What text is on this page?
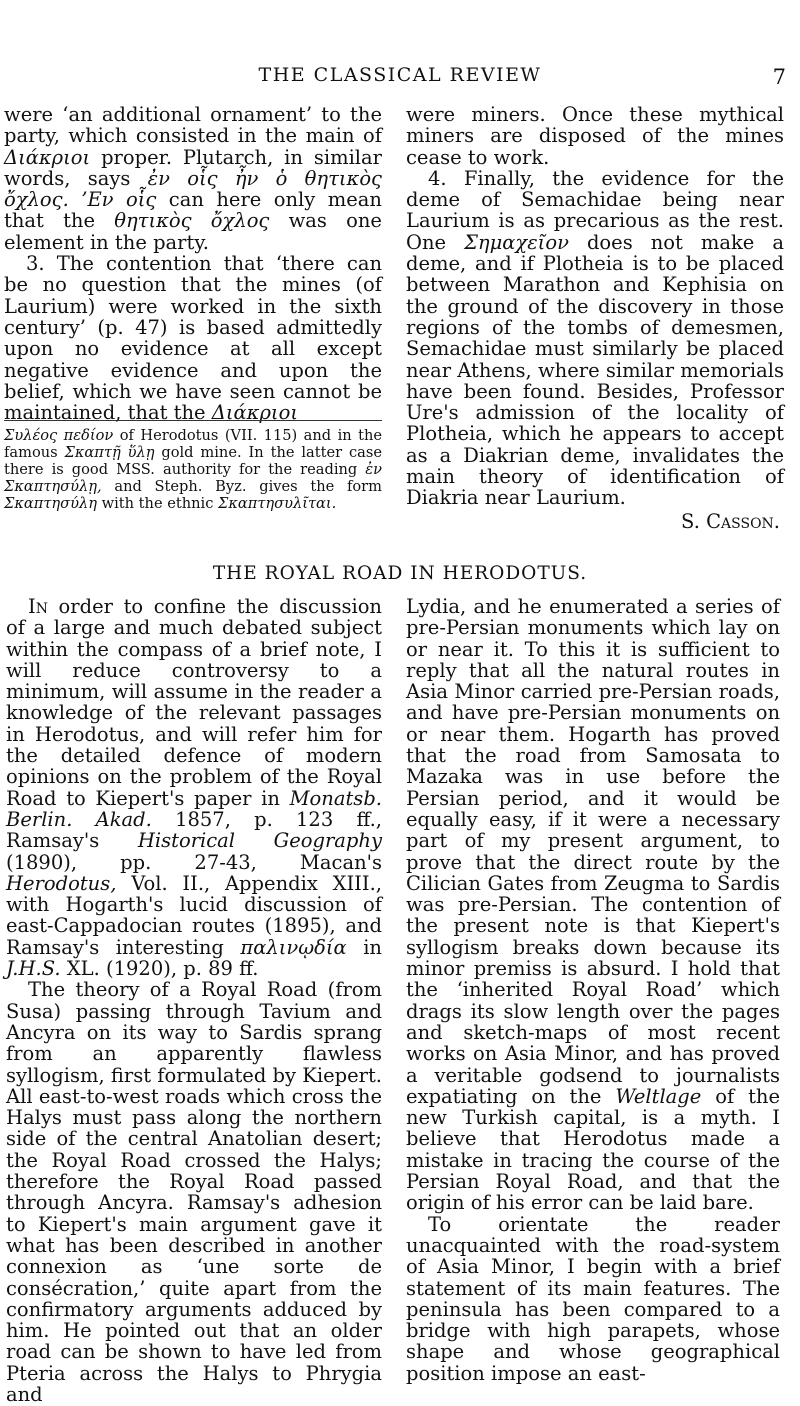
THE CLASSICAL REVIEW	7

were ‘an additional ornament’ to the party, which consisted in the main of Διάκριοι proper. Plutarch, in similar words, says ἐν οἷς ἦν ὁ θητικὸς ὄχλος. ’Εν οἷς can here only mean that the θητικὸς ὄχλος was one element in the party.

3. The contention that ‘there can be no question that the mines (of Laurium) were worked in the sixth century’ (p. 47) is based admittedly upon no evidence at all except negative evidence and upon the belief, which we have seen cannot be maintained, that the Διάκριοι

Συλέος πεδίον of Herodotus (VII. 115) and in the famous Σκαπτῇ ὕλῃ gold mine. In the latter case there is good MSS. authority for the reading ἐν Σκαπτησύλῃ, and Steph. Byz. gives the form Σκαπτησύλη with the ethnic Σκαπτησυλῖται.

were miners. Once these mythical miners are disposed of the mines cease to work.

4. Finally, the evidence for the deme of Semachidae being near Laurium is as precarious as the rest. One Σημαχεῖον does not make a deme, and if Plotheia is to be placed between Marathon and Kephisia on the ground of the discovery in those regions of the tombs of demesmen, Semachidae must similarly be placed near Athens, where similar memorials have been found. Besides, Professor Ure's admission of the locality of Plotheia, which he appears to accept as a Diakrian deme, invalidates the main theory of identification of Diakria near Laurium.

S. Casson.
THE ROYAL ROAD IN HERODOTUS.

In order to confine the discussion of a large and much debated subject within the compass of a brief note, I will reduce controversy to a minimum, will assume in the reader a knowledge of the relevant passages in Herodotus, and will refer him for the detailed defence of modern opinions on the problem of the Royal Road to Kiepert's paper in Monatsb. Berlin. Akad. 1857, p. 123 ff., Ramsay's Historical Geography (1890), pp. 27-43, Macan's Herodotus, Vol. II., Appendix XIII., with Hogarth's lucid discussion of east-Cappadocian routes (1895), and Ramsay's interesting παλινῳδία in J.H.S. XL. (1920), p. 89 ff.

The theory of a Royal Road (from Susa) passing through Tavium and Ancyra on its way to Sardis sprang from an apparently flawless syllogism, first formulated by Kiepert. All east-to-west roads which cross the Halys must pass along the northern side of the central Anatolian desert; the Royal Road crossed the Halys; therefore the Royal Road passed through Ancyra. Ramsay's adhesion to Kiepert's main argument gave it what has been described in another connexion as ‘une sorte de consécration,’ quite apart from the confirmatory arguments adduced by him. He pointed out that an older road can be shown to have led from Pteria across the Halys to Phrygia and

Lydia, and he enumerated a series of pre-Persian monuments which lay on or near it. To this it is sufficient to reply that all the natural routes in Asia Minor carried pre-Persian roads, and have pre-Persian monuments on or near them. Hogarth has proved that the road from Samosata to Mazaka was in use before the Persian period, and it would be equally easy, if it were a necessary part of my present argument, to prove that the direct route by the Cilician Gates from Zeugma to Sardis was pre-Persian. The contention of the present note is that Kiepert's syllogism breaks down because its minor premiss is absurd. I hold that the ‘inherited Royal Road’ which drags its slow length over the pages and sketch-maps of most recent works on Asia Minor, and has proved a veritable godsend to journalists expatiating on the Weltlage of the new Turkish capital, is a myth. I believe that Herodotus made a mistake in tracing the course of the Persian Royal Road, and that the origin of his error can be laid bare.

To orientate the reader unacquainted with the road-system of Asia Minor, I begin with a brief statement of its main features. The peninsula has been compared to a bridge with high parapets, whose shape and whose geographical position impose an east-
